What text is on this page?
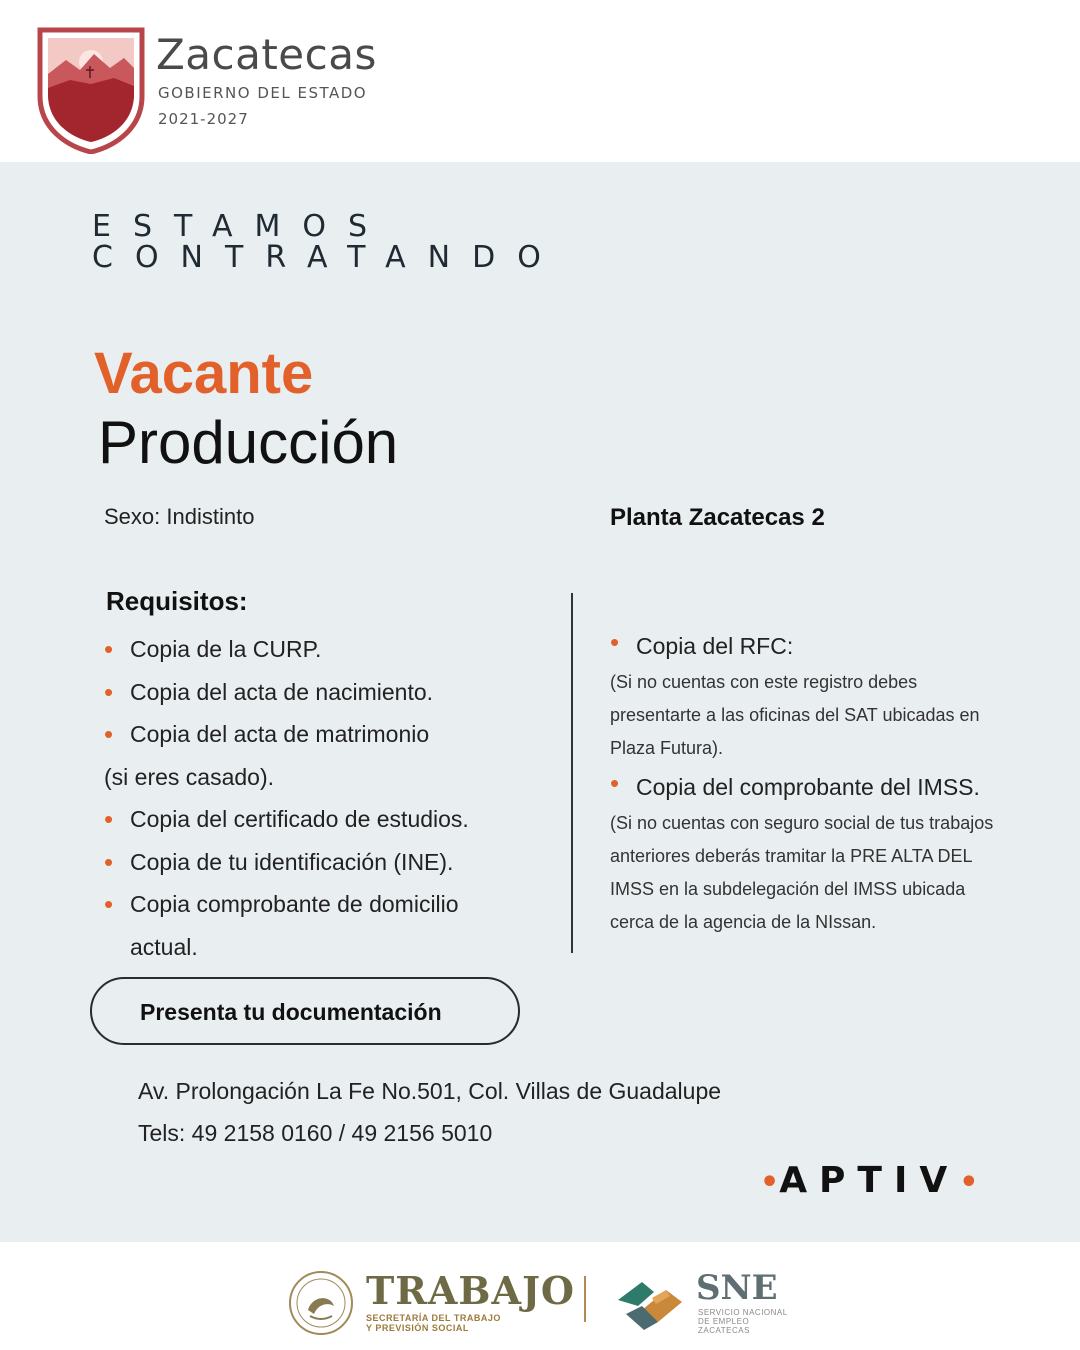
Zacatecas
GOBIERNO DEL ESTADO
2021-2027
ESTAMOS
CONTRATANDO
Vacante
Producción
Sexo: Indistinto	Planta Zacatecas 2
Requisitos:
• Copia de la CURP.
• Copia del acta de nacimiento.
• Copia del acta de matrimonio
(si eres casado).
• Copia del certificado de estudios.
• Copia de tu identificación (INE).
• Copia comprobante de domicilio
actual.
• Copia del RFC:
(Si no cuentas con este registro debes
presentarte a las oficinas del SAT ubicadas en
Plaza Futura).
• Copia del comprobante del IMSS.
(Si no cuentas con seguro social de tus trabajos
anteriores deberás tramitar la PRE ALTA DEL
IMSS en la subdelegación del IMSS ubicada
cerca de la agencia de la NIssan.
Presenta tu documentación
Av. Prolongación La Fe No.501, Col. Villas de Guadalupe
Tels: 49 2158 0160 / 49 2156 5010
•APTIV•
TRABAJO
SECRETARÍA DEL TRABAJO
Y PREVISIÓN SOCIAL
SNE
SERVICIO NACIONAL
DE EMPLEO
ZACATECAS
